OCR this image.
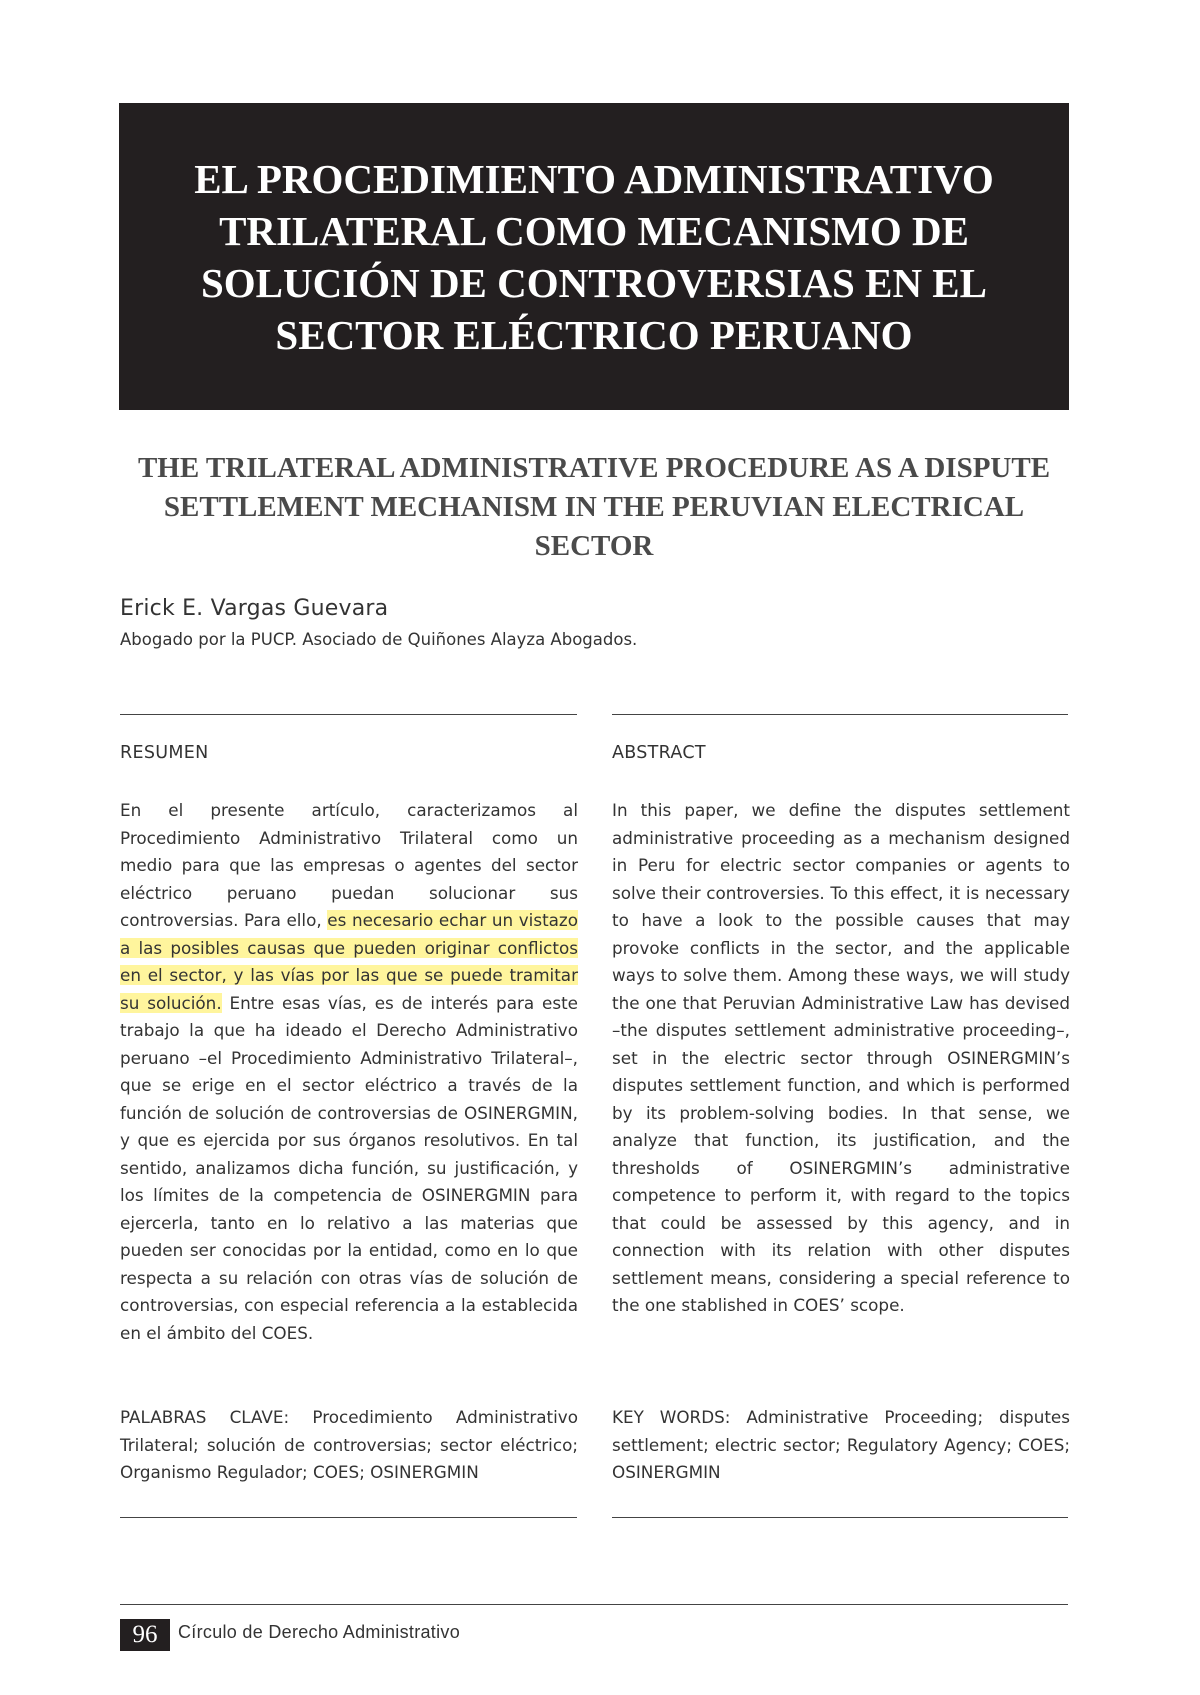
EL PROCEDIMIENTO ADMINISTRATIVO TRILATERAL COMO MECANISMO DE SOLUCIÓN DE CONTROVERSIAS EN EL SECTOR ELÉCTRICO PERUANO
THE TRILATERAL ADMINISTRATIVE PROCEDURE AS A DISPUTE SETTLEMENT MECHANISM IN THE PERUVIAN ELECTRICAL SECTOR
Erick E. Vargas Guevara
Abogado por la PUCP. Asociado de Quiñones Alayza Abogados.
RESUMEN
En el presente artículo, caracterizamos al Procedimiento Administrativo Trilateral como un medio para que las empresas o agentes del sector eléctrico peruano puedan solucionar sus controversias. Para ello, es necesario echar un vistazo a las posibles causas que pueden originar conflictos en el sector, y las vías por las que se puede tramitar su solución. Entre esas vías, es de interés para este trabajo la que ha ideado el Derecho Administrativo peruano –el Procedimiento Administrativo Trilateral–, que se erige en el sector eléctrico a través de la función de solución de controversias de OSINERGMIN, y que es ejercida por sus órganos resolutivos. En tal sentido, analizamos dicha función, su justificación, y los límites de la competencia de OSINERGMIN para ejercerla, tanto en lo relativo a las materias que pueden ser conocidas por la entidad, como en lo que respecta a su relación con otras vías de solución de controversias, con especial referencia a la establecida en el ámbito del COES.
PALABRAS CLAVE: Procedimiento Administrativo Trilateral; solución de controversias; sector eléctrico; Organismo Regulador; COES; OSINERGMIN
ABSTRACT
In this paper, we define the disputes settlement administrative proceeding as a mechanism designed in Peru for electric sector companies or agents to solve their controversies. To this effect, it is necessary to have a look to the possible causes that may provoke conflicts in the sector, and the applicable ways to solve them. Among these ways, we will study the one that Peruvian Administrative Law has devised –the disputes settlement administrative proceeding–, set in the electric sector through OSINERGMIN’s disputes settlement function, and which is performed by its problem-solving bodies. In that sense, we analyze that function, its justification, and the thresholds of OSINERGMIN’s administrative competence to perform it, with regard to the topics that could be assessed by this agency, and in connection with its relation with other disputes settlement means, considering a special reference to the one stablished in COES’ scope.
KEY WORDS: Administrative Proceeding; disputes settlement; electric sector; Regulatory Agency; COES; OSINERGMIN
96	Círculo de Derecho Administrativo
